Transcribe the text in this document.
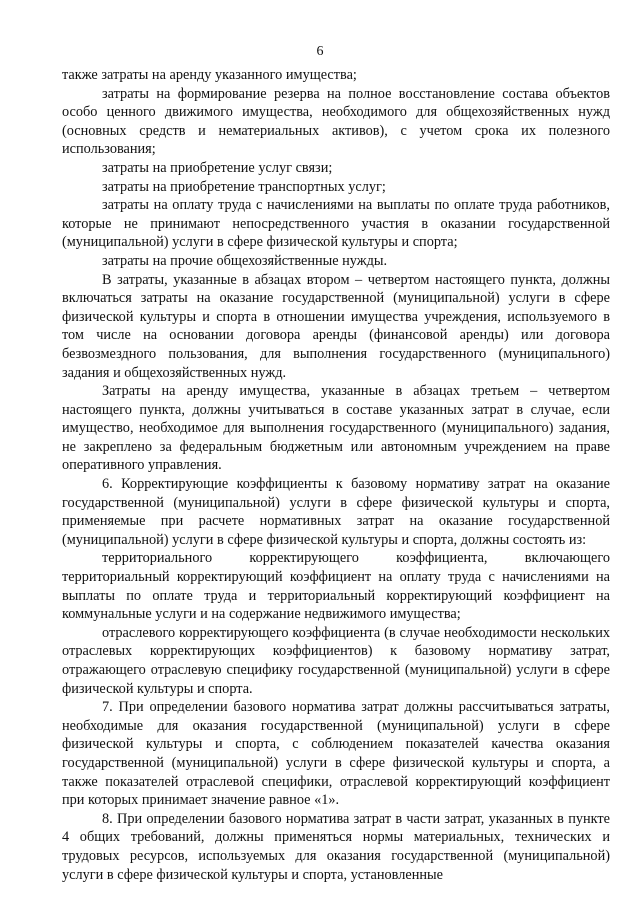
6

также затраты на аренду указанного имущества;

затраты на формирование резерва на полное восстановление состава объектов особо ценного движимого имущества, необходимого для общехозяйственных нужд (основных средств и нематериальных активов), с учетом срока их полезного использования;

затраты на приобретение услуг связи;

затраты на приобретение транспортных услуг;

затраты на оплату труда с начислениями на выплаты по оплате труда работников, которые не принимают непосредственного участия в оказании государственной (муниципальной) услуги в сфере физической культуры и спорта;

затраты на прочие общехозяйственные нужды.

В затраты, указанные в абзацах втором – четвертом настоящего пункта, должны включаться затраты на оказание государственной (муниципальной) услуги в сфере физической культуры и спорта в отношении имущества учреждения, используемого в том числе на основании договора аренды (финансовой аренды) или договора безвозмездного пользования, для выполнения государственного (муниципального) задания и общехозяйственных нужд.

Затраты на аренду имущества, указанные в абзацах третьем – четвертом настоящего пункта, должны учитываться в составе указанных затрат в случае, если имущество, необходимое для выполнения государственного (муниципального) задания, не закреплено за федеральным бюджетным или автономным учреждением на праве оперативного управления.

6. Корректирующие коэффициенты к базовому нормативу затрат на оказание государственной (муниципальной) услуги в сфере физической культуры и спорта, применяемые при расчете нормативных затрат на оказание государственной (муниципальной) услуги в сфере физической культуры и спорта, должны состоять из:

территориального корректирующего коэффициента, включающего территориальный корректирующий коэффициент на оплату труда с начислениями на выплаты по оплате труда и территориальный корректирующий коэффициент на коммунальные услуги и на содержание недвижимого имущества;

отраслевого корректирующего коэффициента (в случае необходимости нескольких отраслевых корректирующих коэффициентов) к базовому нормативу затрат, отражающего отраслевую специфику государственной (муниципальной) услуги в сфере физической культуры и спорта.

7. При определении базового норматива затрат должны рассчитываться затраты, необходимые для оказания государственной (муниципальной) услуги в сфере физической культуры и спорта, с соблюдением показателей качества оказания государственной (муниципальной) услуги в сфере физической культуры и спорта, а также показателей отраслевой специфики, отраслевой корректирующий коэффициент при которых принимает значение равное «1».

8. При определении базового норматива затрат в части затрат, указанных в пункте 4 общих требований, должны применяться нормы материальных, технических и трудовых ресурсов, используемых для оказания государственной (муниципальной) услуги в сфере физической культуры и спорта, установленные
